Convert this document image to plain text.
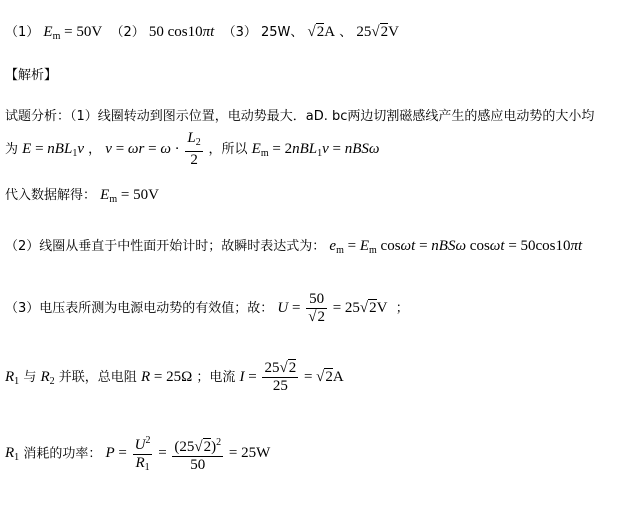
（1） $E_m = 50V$ （2） 50 cos10πt （3） 25W、 √2A 、 25√2V
【解析】
试题分析：（1）线圈转动到图示位置，电动势最大．aD. bc两边切割磁感线产生的感应电动势的大小均
为 E = nBL$_1$v ， $v = \omega r = \omega \cdot \frac{L_2}{2}$ ，所以 $E_m = 2nBL_1v = nBS\omega$
代入数据解得： $E_m = 50V$
（2）线圈从垂直于中性面开始计时；故瞬时表达式为： $e_m = E_m$ cosωt = nBSω cosωt = 50cos10πt
（3）电压表所测为电源电动势的有效值；故： $U = \frac{50}{√2} = 25√2V$ ；
$R_1$ 与 $R_2$ 并联，总电阻 R = 25Ω ；电流 $I = \frac{25√2}{25} = √2A$
$R_1$ 消耗的功率： $P = \frac{U^2}{R_1} = \frac{(25√2)^2}{50} = 25W$
